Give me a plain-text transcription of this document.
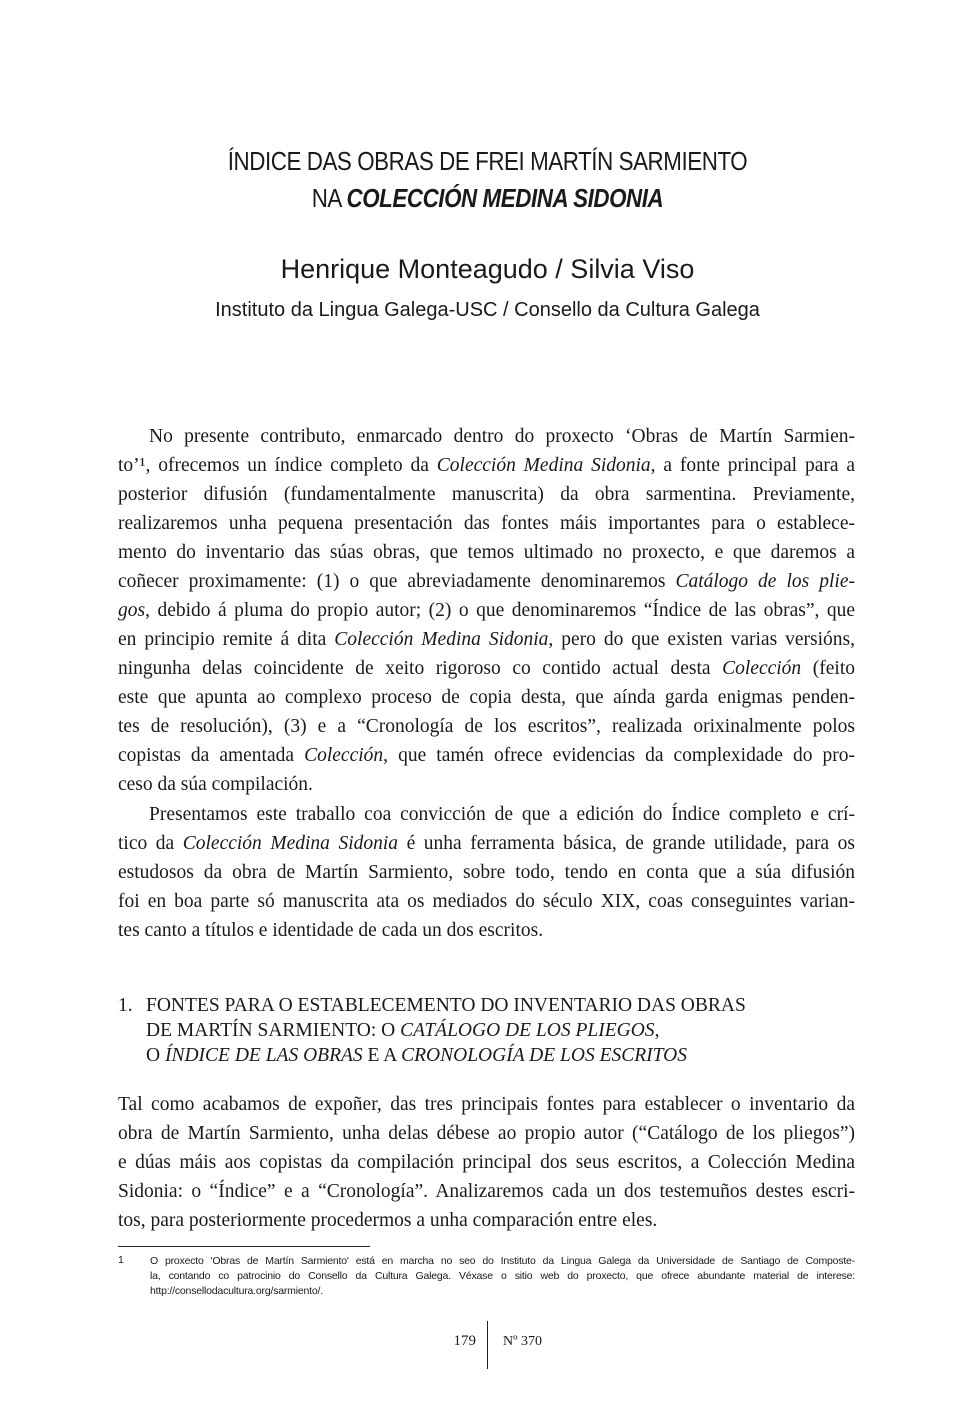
ÍNDICE DAS OBRAS DE FREI MARTÍN SARMIENTO
NA COLECCIÓN MEDINA SIDONIA
Henrique Monteagudo / Silvia Viso
Instituto da Lingua Galega-USC / Consello da Cultura Galega
No presente contributo, enmarcado dentro do proxecto ‘Obras de Martín Sarmien-
to’¹, ofrecemos un índice completo da Colección Medina Sidonia, a fonte principal para a
posterior difusión (fundamentalmente manuscrita) da obra sarmentina. Previamente,
realizaremos unha pequena presentación das fontes máis importantes para o establece-
mento do inventario das súas obras, que temos ultimado no proxecto, e que daremos a
coñecer proximamente: (1) o que abreviadamente denominaremos Catálogo de los plie-
gos, debido á pluma do propio autor; (2) o que denominaremos “Índice de las obras”, que
en principio remite á dita Colección Medina Sidonia, pero do que existen varias versións,
ningunha delas coincidente de xeito rigoroso co contido actual desta Colección (feito
este que apunta ao complexo proceso de copia desta, que aínda garda enigmas penden-
tes de resolución), (3) e a “Cronología de los escritos”, realizada orixinalmente polos
copistas da amentada Colección, que tamén ofrece evidencias da complexidade do pro-
ceso da súa compilación.
Presentamos este traballo coa convicción de que a edición do Índice completo e crí-
tico da Colección Medina Sidonia é unha ferramenta básica, de grande utilidade, para os
estudosos da obra de Martín Sarmiento, sobre todo, tendo en conta que a súa difusión
foi en boa parte só manuscrita ata os mediados do século XIX, coas conseguintes varian-
tes canto a títulos e identidade de cada un dos escritos.
Tal como acabamos de expoñer, das tres principais fontes para establecer o inventario da
obra de Martín Sarmiento, unha delas débese ao propio autor (“Catálogo de los pliegos”)
e dúas máis aos copistas da compilación principal dos seus escritos, a Colección Medina
Sidonia: o “Índice” e a “Cronología”. Analizaremos cada un dos testemuños destes escri-
tos, para posteriormente procedermos a unha comparación entre eles.
1. FONTES PARA O ESTABLECEMENTO DO INVENTARIO DAS OBRAS
DE MARTÍN SARMIENTO: O CATÁLOGO DE LOS PLIEGOS,
O ÍNDICE DE LAS OBRAS E A CRONOLOGÍA DE LOS ESCRITOS
1 O proxecto 'Obras de Martín Sarmiento' está en marcha no seo do Instituto da Lingua Galega da Universidade de Santiago de Composte-
la, contando co patrocinio do Consello da Cultura Galega. Véxase o sitio web do proxecto, que ofrece abundante material de interese:
http://consellodacultura.org/sarmiento/.
179 Nº 370
